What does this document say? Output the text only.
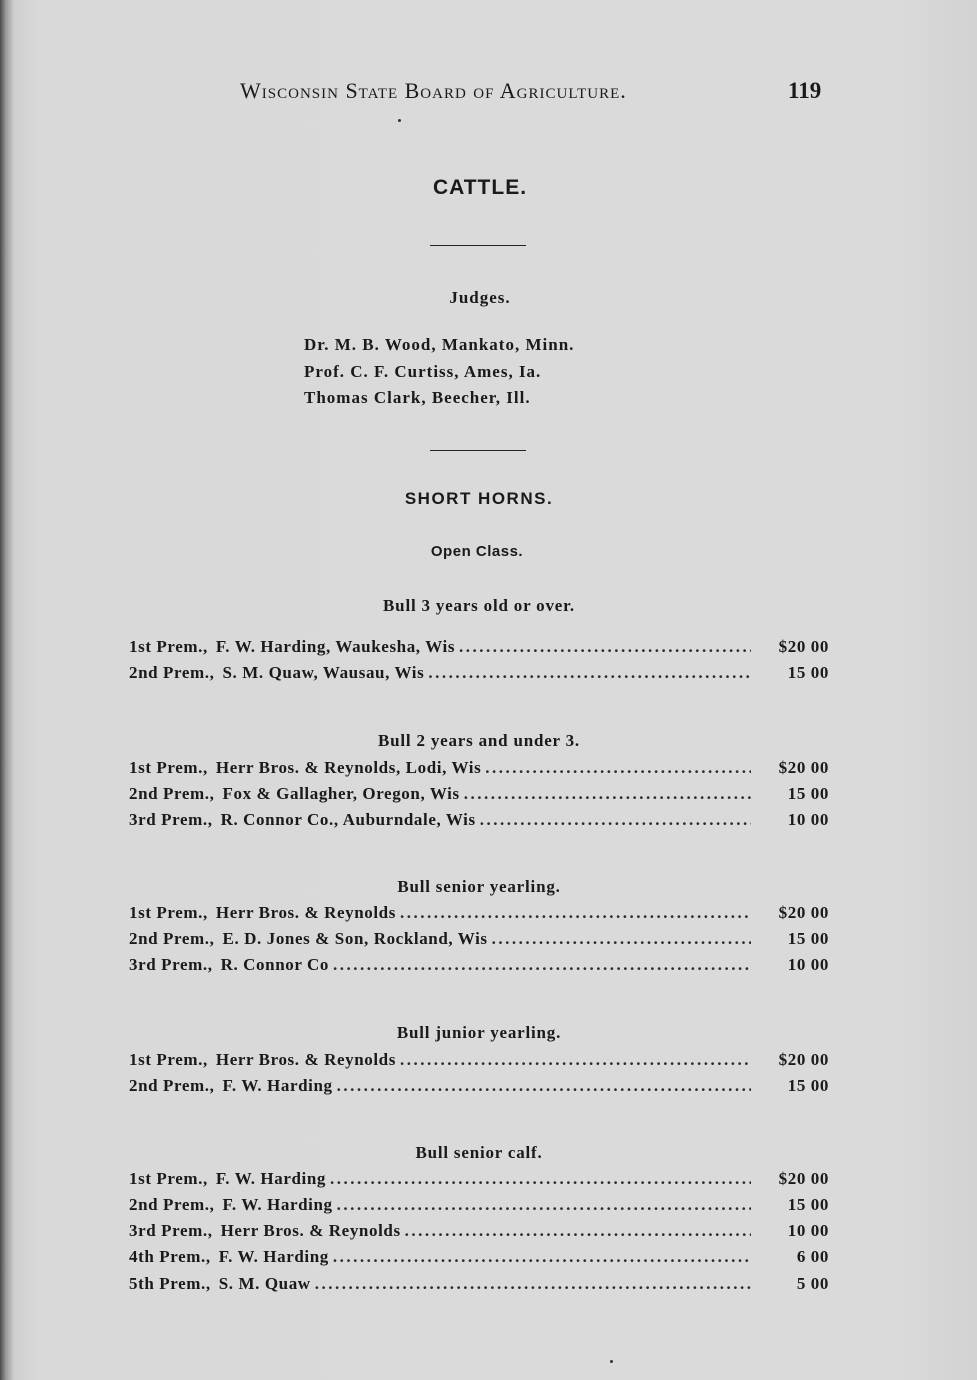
Wisconsin State Board of Agriculture.	119
CATTLE.
Judges.
Dr. M. B. Wood, Mankato, Minn.
Prof. C. F. Curtiss, Ames, Ia.
Thomas Clark, Beecher, Ill.
SHORT HORNS.
Open Class.
Bull 3 years old or over.
1st Prem. , F. W. Harding, Waukesha, Wis .....	$20 00
2nd Prem. , S. M. Quaw, Wausau, Wis .....	15 00
Bull 2 years and under 3.
1st Prem. , Herr Bros. & Reynolds, Lodi, Wis .....	$20 00
2nd Prem. , Fox & Gallagher, Oregon, Wis .....	15 00
3rd Prem. , R. Connor Co., Auburndale, Wis .....	10 00
Bull senior yearling.
1st Prem. , Herr Bros. & Reynolds .....	$20 00
2nd Prem. , E. D. Jones & Son, Rockland, Wis .....	15 00
3rd Prem. , R. Connor Co .....	10 00
Bull junior yearling.
1st Prem. , Herr Bros. & Reynolds .....	$20 00
2nd Prem. , F. W. Harding .....	15 00
Bull senior calf.
1st Prem. , F. W. Harding .....	$20 00
2nd Prem. , F. W. Harding .....	15 00
3rd Prem. , Herr Bros. & Reynolds .....	10 00
4th Prem. , F. W. Harding .....	6 00
5th Prem. , S. M. Quaw .....	5 00
